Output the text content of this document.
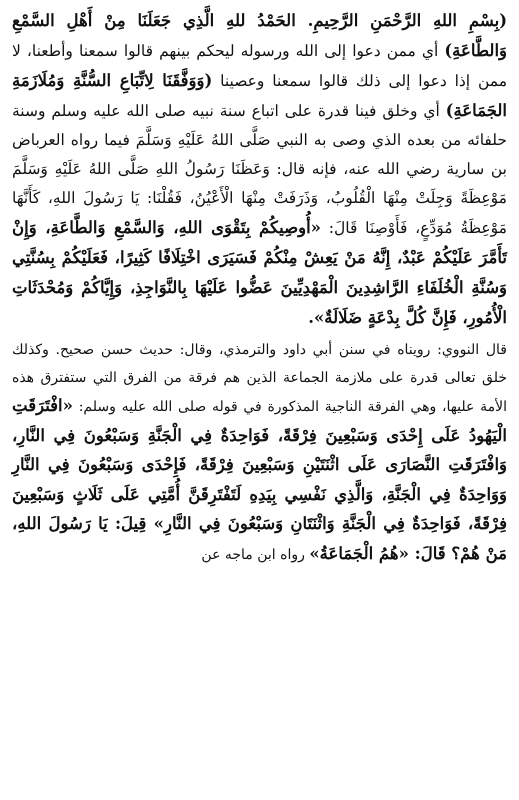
(بِسْمِ اللهِ الرَّحْمَنِ الرَّحِيمِ. الحَمْدُ للهِ الَّذِي جَعَلَنَا مِنْ أَهْلِ السَّمْعِ وَالطَّاعَةِ) أي ممن دعوا إلى الله ورسوله ليحكم بينهم قالوا سمعنا وأطعنا، لا ممن إذا دعوا إلى ذلك قالوا سمعنا وعصينا (وَوَفَّقَنَا لِاتِّبَاعِ السُّنَّةِ وَمُلَازَمَةِ الجَمَاعَةِ) أي وخلق فينا قدرة على اتباع سنة نبيه صلى الله عليه وسلم وسنة حلفائه من بعده الذي وصى به النبي صَلَّى اللهُ عَلَيْهِ وَسَلَّمَ فيما رواه العرباض بن سارية رضي الله عنه، فإنه قال: وَعَظَنَا رَسُولُ اللهِ صَلَّى اللهُ عَلَيْهِ وَسَلَّمَ مَوْعِظَةً وَجِلَتْ مِنْهَا الْقُلُوبُ، وَذَرَفَتْ مِنْهَا الْأَعْيُنُ، فَقُلْنَا: يَا رَسُولَ اللهِ، كَأَنَّهَا مَوْعِظَةُ مُوَدِّعٍ، فَأَوْصِنَا قَالَ: «أُوصِيكُمْ بِتَقْوَى اللهِ، وَالسَّمْعِ وَالطَّاعَةِ، وَإِنْ تَأَمَّرَ عَلَيْكُمْ عَبْدٌ، إِنَّهُ مَنْ يَعِشْ مِنْكُمْ فَسَيَرَى اخْتِلَافًا كَثِيرًا، فَعَلَيْكُمْ بِسُنَّتِي وَسُنَّةِ الْخُلَفَاءِ الرَّاشِدِينَ الْمَهْدِيِّينَ عَضُّوا عَلَيْهَا بِالنَّوَاجِذِ، وَإِيَّاكُمْ وَمُحْدَثَاتِ الْأُمُورِ، فَإِنَّ كُلَّ بِدْعَةٍ ضَلَالَةٌ».

قال النووي: رويناه في سنن أبي داود والترمذي، وقال: حديث حسن صحيح. وكذلك خلق تعالى قدرة على ملازمة الجماعة الذين هم فرقة من الفرق التي ستفترق هذه الأمة عليها، وهي الفرقة الناجية المذكورة في قوله صلى الله عليه وسلم: «افْتَرَقَتِ الْيَهُودُ عَلَى إِحْدَى وَسَبْعِينَ فِرْقَةً، فَوَاحِدَةٌ فِي الْجَنَّةِ وَسَبْعُونَ فِي النَّارِ، وَافْتَرَقَتِ النَّصَارَى عَلَى اثْنَتَيْنِ وَسَبْعِينَ فِرْقَةً، فَإِحْدَى وَسَبْعُونَ فِي النَّارِ وَوَاحِدَةٌ فِي الْجَنَّةِ، وَالَّذِي نَفْسِي بِيَدِهِ لَتَفْتَرِقَنَّ أُمَّتِي عَلَى ثَلَاثٍ وَسَبْعِينَ فِرْقَةً، فَوَاحِدَةٌ فِي الْجَنَّةِ وَاثْنَتَانِ وَسَبْعُونَ فِي النَّارِ» قِيلَ: يَا رَسُولَ اللهِ، مَنْ هُمْ؟ قَالَ: «هُمُ الْجَمَاعَةُ» رواه ابن ماجه عن
